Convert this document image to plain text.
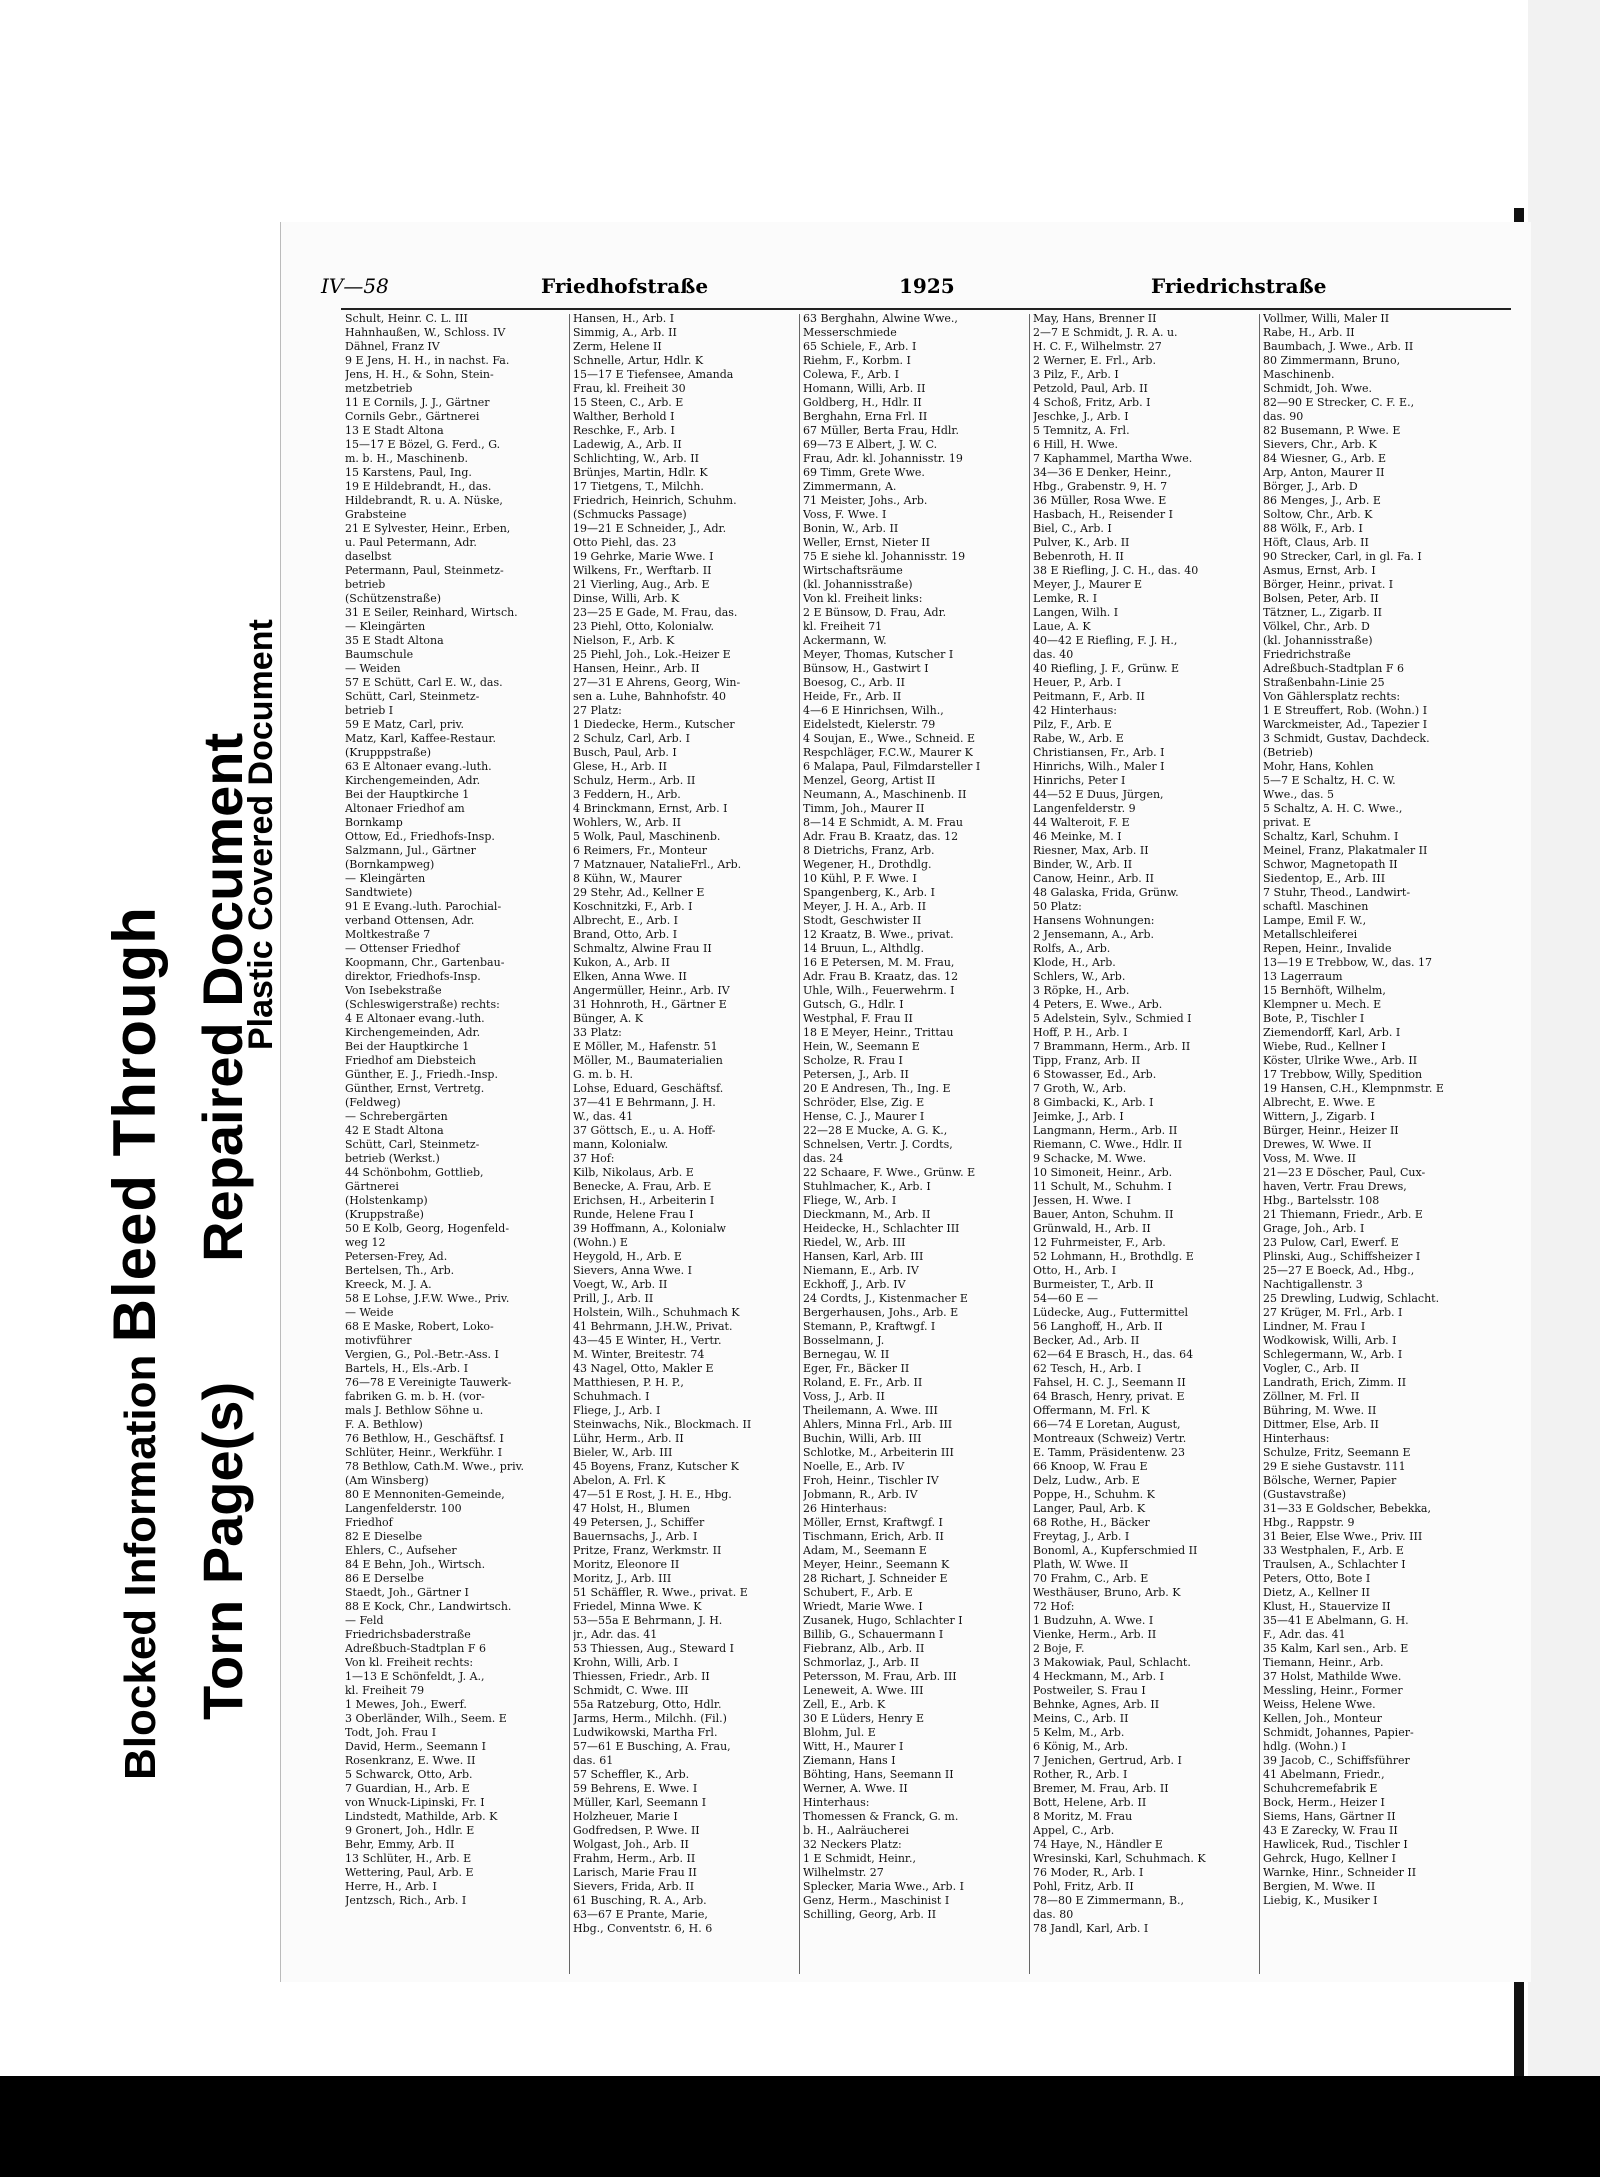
Blocked Information Bleed Through
Torn Page(s)Repaired Document
Plastic Covered Document
IV—58	Friedhofstraße	1925	Friedrichstraße

Schult, Heinr. C. L. III

Hahnhaußen, W., Schloss. IV

Dähnel, Franz IV

9 E Jens, H. H., in nachst. Fa.

Jens, H. H., & Sohn, Stein-

metzbetrieb

11 E Cornils, J. J., Gärtner

Cornils Gebr., Gärtnerei

13 E Stadt Altona

15—17 E Bözel, G. Ferd., G.

m. b. H., Maschinenb.

15 Karstens, Paul, Ing.

19 E Hildebrandt, H., das.

Hildebrandt, R. u. A. Nüske,

Grabsteine

21 E Sylvester, Heinr., Erben,

u. Paul Petermann, Adr.

daselbst

Petermann, Paul, Steinmetz-

betrieb

(Schützenstraße)

31 E Seiler, Reinhard, Wirtsch.

— Kleingärten

35 E Stadt Altona

Baumschule

— Weiden

57 E Schütt, Carl E. W., das.

Schütt, Carl, Steinmetz-

betrieb I

59 E Matz, Carl, priv.

Matz, Karl, Kaffee-Restaur.

(Krupppstraße)

63 E Altonaer evang.-luth.

Kirchengemeinden, Adr.

Bei der Hauptkirche 1

Altonaer Friedhof am

Bornkamp

Ottow, Ed., Friedhofs-Insp.

Salzmann, Jul., Gärtner

(Bornkampweg)

— Kleingärten

Sandtwiete)

91 E Evang.-luth. Parochial-

verband Ottensen, Adr.

Moltkestraße 7

— Ottenser Friedhof

Koopmann, Chr., Gartenbau-

direktor, Friedhofs-Insp.

Von Isebekstraße

(Schleswigerstraße) rechts:

4 E Altonaer evang.-luth.

Kirchengemeinden, Adr.

Bei der Hauptkirche 1

Friedhof am Diebsteich

Günther, E. J., Friedh.-Insp.

Günther, Ernst, Vertretg.

(Feldweg)

— Schrebergärten

42 E Stadt Altona

Schütt, Carl, Steinmetz-

betrieb (Werkst.)

44 Schönbohm, Gottlieb,

Gärtnerei

(Holstenkamp)

(Kruppstraße)

50 E Kolb, Georg, Hogenfeld-

weg 12

Petersen-Frey, Ad.

Bertelsen, Th., Arb.

Kreeck, M. J. A.

58 E Lohse, J.F.W. Wwe., Priv.

— Weide

68 E Maske, Robert, Loko-

motivführer

Vergien, G., Pol.-Betr.-Ass. I

Bartels, H., Els.-Arb. I

76—78 E Vereinigte Tauwerk-

fabriken G. m. b. H. (vor-

mals J. Bethlow Söhne u.

F. A. Bethlow)

76 Bethlow, H., Geschäftsf. I

Schlüter, Heinr., Werkführ. I

78 Bethlow, Cath.M. Wwe., priv.

(Am Winsberg)

80 E Mennoniten-Gemeinde,

Langenfelderstr. 100

Friedhof

82 E Dieselbe

Ehlers, C., Aufseher

84 E Behn, Joh., Wirtsch.

86 E Derselbe

Staedt, Joh., Gärtner I

88 E Kock, Chr., Landwirtsch.

— Feld

Friedrichsbaderstraße

Adreßbuch-Stadtplan F 6

Von kl. Freiheit rechts:

1—13 E Schönfeldt, J. A.,

kl. Freiheit 79

1 Mewes, Joh., Ewerf.

3 Oberländer, Wilh., Seem. E

Todt, Joh. Frau I

David, Herm., Seemann I

Rosenkranz, E. Wwe. II

5 Schwarck, Otto, Arb.

7 Guardian, H., Arb. E

von Wnuck-Lipinski, Fr. I

Lindstedt, Mathilde, Arb. K

9 Gronert, Joh., Hdlr. E

Behr, Emmy, Arb. II

13 Schlüter, H., Arb. E

Wettering, Paul, Arb. E

Herre, H., Arb. I

Jentzsch, Rich., Arb. I

Hansen, H., Arb. I

Simmig, A., Arb. II

Zerm, Helene II

Schnelle, Artur, Hdlr. K

15—17 E Tiefensee, Amanda

Frau, kl. Freiheit 30

15 Steen, C., Arb. E

Walther, Berhold I

Reschke, F., Arb. I

Ladewig, A., Arb. II

Schlichting, W., Arb. II

Brünjes, Martin, Hdlr. K

17 Tietgens, T., Milchh.

Friedrich, Heinrich, Schuhm.

(Schmucks Passage)

19—21 E Schneider, J., Adr.

Otto Piehl, das. 23

19 Gehrke, Marie Wwe. I

Wilkens, Fr., Werftarb. II

21 Vierling, Aug., Arb. E

Dinse, Willi, Arb. K

23—25 E Gade, M. Frau, das.

23 Piehl, Otto, Kolonialw.

Nielson, F., Arb. K

25 Piehl, Joh., Lok.-Heizer E

Hansen, Heinr., Arb. II

27—31 E Ahrens, Georg, Win-

sen a. Luhe, Bahnhofstr. 40

27 Platz:

1 Diedecke, Herm., Kutscher

2 Schulz, Carl, Arb. I

Busch, Paul, Arb. I

Glese, H., Arb. II

Schulz, Herm., Arb. II

3 Feddern, H., Arb.

4 Brinckmann, Ernst, Arb. I

Wohlers, W., Arb. II

5 Wolk, Paul, Maschinenb.

6 Reimers, Fr., Monteur

7 Matznauer, NatalieFrl., Arb.

8 Kühn, W., Maurer

29 Stehr, Ad., Kellner E

Koschnitzki, F., Arb. I

Albrecht, E., Arb. I

Brand, Otto, Arb. I

Schmaltz, Alwine Frau II

Kukon, A., Arb. II

Elken, Anna Wwe. II

Angermüller, Heinr., Arb. IV

31 Hohnroth, H., Gärtner E

Bünger, A. K

33 Platz:

E Möller, M., Hafenstr. 51

Möller, M., Baumaterialien

G. m. b. H.

Lohse, Eduard, Geschäftsf.

37—41 E Behrmann, J. H.

W., das. 41

37 Göttsch, E., u. A. Hoff-

mann, Kolonialw.

37 Hof:

Kilb, Nikolaus, Arb. E

Benecke, A. Frau, Arb. E

Erichsen, H., Arbeiterin I

Runde, Helene Frau I

39 Hoffmann, A., Kolonialw

(Wohn.) E

Heygold, H., Arb. E

Sievers, Anna Wwe. I

Voegt, W., Arb. II

Prill, J., Arb. II

Holstein, Wilh., Schuhmach K

41 Behrmann, J.H.W., Privat.

43—45 E Winter, H., Vertr.

M. Winter, Breitestr. 74

43 Nagel, Otto, Makler E

Matthiesen, P. H. P.,

Schuhmach. I

Fliege, J., Arb. I

Steinwachs, Nik., Blockmach. II

Lühr, Herm., Arb. II

Bieler, W., Arb. III

45 Boyens, Franz, Kutscher K

Abelon, A. Frl. K

47—51 E Rost, J. H. E., Hbg.

47 Holst, H., Blumen

49 Petersen, J., Schiffer

Bauernsachs, J., Arb. I

Pritze, Franz, Werkmstr. II

Moritz, Eleonore II

Moritz, J., Arb. III

51 Schäffler, R. Wwe., privat. E

Friedel, Minna Wwe. K

53—55a E Behrmann, J. H.

jr., Adr. das. 41

53 Thiessen, Aug., Steward I

Krohn, Willi, Arb. I

Thiessen, Friedr., Arb. II

Schmidt, C. Wwe. III

55a Ratzeburg, Otto, Hdlr.

Jarms, Herm., Milchh. (Fil.)

Ludwikowski, Martha Frl.

57—61 E Busching, A. Frau,

das. 61

57 Scheffler, K., Arb.

59 Behrens, E. Wwe. I

Müller, Karl, Seemann I

Holzheuer, Marie I

Godfredsen, P. Wwe. II

Wolgast, Joh., Arb. II

Frahm, Herm., Arb. II

Larisch, Marie Frau II

Sievers, Frida, Arb. II

61 Busching, R. A., Arb.

63—67 E Prante, Marie,

Hbg., Conventstr. 6, H. 6

63 Berghahn, Alwine Wwe.,

Messerschmiede

65 Schiele, F., Arb. I

Riehm, F., Korbm. I

Colewa, F., Arb. I

Homann, Willi, Arb. II

Goldberg, H., Hdlr. II

Berghahn, Erna Frl. II

67 Müller, Berta Frau, Hdlr.

69—73 E Albert, J. W. C.

Frau, Adr. kl. Johannisstr. 19

69 Timm, Grete Wwe.

Zimmermann, A.

71 Meister, Johs., Arb.

Voss, F. Wwe. I

Bonin, W., Arb. II

Weller, Ernst, Nieter II

75 E siehe kl. Johannisstr. 19

Wirtschaftsräume

(kl. Johannisstraße)

Von kl. Freiheit links:

2 E Bünsow, D. Frau, Adr.

kl. Freiheit 71

Ackermann, W.

Meyer, Thomas, Kutscher I

Bünsow, H., Gastwirt I

Boesog, C., Arb. II

Heide, Fr., Arb. II

4—6 E Hinrichsen, Wilh.,

Eidelstedt, Kielerstr. 79

4 Soujan, E., Wwe., Schneid. E

Respchläger, F.C.W., Maurer K

6 Malapa, Paul, Filmdarsteller I

Menzel, Georg, Artist II

Neumann, A., Maschinenb. II

Timm, Joh., Maurer II

8—14 E Schmidt, A. M. Frau

Adr. Frau B. Kraatz, das. 12

8 Dietrichs, Franz, Arb.

Wegener, H., Drothdlg.

10 Kühl, P. F. Wwe. I

Spangenberg, K., Arb. I

Meyer, J. H. A., Arb. II

Stodt, Geschwister II

12 Kraatz, B. Wwe., privat.

14 Bruun, L., Althdlg.

16 E Petersen, M. M. Frau,

Adr. Frau B. Kraatz, das. 12

Uhle, Wilh., Feuerwehrm. I

Gutsch, G., Hdlr. I

Westphal, F. Frau II

18 E Meyer, Heinr., Trittau

Hein, W., Seemann E

Scholze, R. Frau I

Petersen, J., Arb. II

20 E Andresen, Th., Ing. E

Schröder, Else, Zig. E

Hense, C. J., Maurer I

22—28 E Mucke, A. G. K.,

Schnelsen, Vertr. J. Cordts,

das. 24

22 Schaare, F. Wwe., Grünw. E

Stuhlmacher, K., Arb. I

Fliege, W., Arb. I

Dieckmann, M., Arb. II

Heidecke, H., Schlachter III

Riedel, W., Arb. III

Hansen, Karl, Arb. III

Niemann, E., Arb. IV

Eckhoff, J., Arb. IV

24 Cordts, J., Kistenmacher E

Bergerhausen, Johs., Arb. E

Stemann, P., Kraftwgf. I

Bosselmann, J.

Bernegau, W. II

Eger, Fr., Bäcker II

Roland, E. Fr., Arb. II

Voss, J., Arb. II

Theilemann, A. Wwe. III

Ahlers, Minna Frl., Arb. III

Buchin, Willi, Arb. III

Schlotke, M., Arbeiterin III

Noelle, E., Arb. IV

Froh, Heinr., Tischler IV

Jobmann, R., Arb. IV

26 Hinterhaus:

Möller, Ernst, Kraftwgf. I

Tischmann, Erich, Arb. II

Adam, M., Seemann E

Meyer, Heinr., Seemann K

28 Richart, J. Schneider E

Schubert, F., Arb. E

Wriedt, Marie Wwe. I

Zusanek, Hugo, Schlachter I

Billib, G., Schauermann I

Fiebranz, Alb., Arb. II

Schmorlaz, J., Arb. II

Petersson, M. Frau, Arb. III

Leneweit, A. Wwe. III

Zell, E., Arb. K

30 E Lüders, Henry E

Blohm, Jul. E

Witt, H., Maurer I

Ziemann, Hans I

Böhting, Hans, Seemann II

Werner, A. Wwe. II

Hinterhaus:

Thomessen & Franck, G. m.

b. H., Aalräucherei

32 Neckers Platz:

1 E Schmidt, Heinr.,

Wilhelmstr. 27

Splecker, Maria Wwe., Arb. I

Genz, Herm., Maschinist I

Schilling, Georg, Arb. II

May, Hans, Brenner II

2—7 E Schmidt, J. R. A. u.

H. C. F., Wilhelmstr. 27

2 Werner, E. Frl., Arb.

3 Pilz, F., Arb. I

Petzold, Paul, Arb. II

4 Schoß, Fritz, Arb. I

Jeschke, J., Arb. I

5 Temnitz, A. Frl.

6 Hill, H. Wwe.

7 Kaphammel, Martha Wwe.

34—36 E Denker, Heinr.,

Hbg., Grabenstr. 9, H. 7

36 Müller, Rosa Wwe. E

Hasbach, H., Reisender I

Biel, C., Arb. I

Pulver, K., Arb. II

Bebenroth, H. II

38 E Riefling, J. C. H., das. 40

Meyer, J., Maurer E

Lemke, R. I

Langen, Wilh. I

Laue, A. K

40—42 E Riefling, F. J. H.,

das. 40

40 Riefling, J. F., Grünw. E

Heuer, P., Arb. I

Peitmann, F., Arb. II

42 Hinterhaus:

Pilz, F., Arb. E

Rabe, W., Arb. E

Christiansen, Fr., Arb. I

Hinrichs, Wilh., Maler I

Hinrichs, Peter I

44—52 E Duus, Jürgen,

Langenfelderstr. 9

44 Walteroit, F. E

46 Meinke, M. I

Riesner, Max, Arb. II

Binder, W., Arb. II

Canow, Heinr., Arb. II

48 Galaska, Frida, Grünw.

50 Platz:

Hansens Wohnungen:

2 Jensemann, A., Arb.

Rolfs, A., Arb.

Klode, H., Arb.

Schlers, W., Arb.

3 Röpke, H., Arb.

4 Peters, E. Wwe., Arb.

5 Adelstein, Sylv., Schmied I

Hoff, P. H., Arb. I

7 Brammann, Herm., Arb. II

Tipp, Franz, Arb. II

6 Stowasser, Ed., Arb.

7 Groth, W., Arb.

8 Gimbacki, K., Arb. I

Jeimke, J., Arb. I

Langmann, Herm., Arb. II

Riemann, C. Wwe., Hdlr. II

9 Schacke, M. Wwe.

10 Simoneit, Heinr., Arb.

11 Schult, M., Schuhm. I

Jessen, H. Wwe. I

Bauer, Anton, Schuhm. II

Grünwald, H., Arb. II

12 Fuhrmeister, F., Arb.

52 Lohmann, H., Brothdlg. E

Otto, H., Arb. I

Burmeister, T., Arb. II

54—60 E —

Lüdecke, Aug., Futtermittel

56 Langhoff, H., Arb. II

Becker, Ad., Arb. II

62—64 E Brasch, H., das. 64

62 Tesch, H., Arb. I

Fahsel, H. C. J., Seemann II

64 Brasch, Henry, privat. E

Offermann, M. Frl. K

66—74 E Loretan, August,

Montreaux (Schweiz) Vertr.

E. Tamm, Präsidentenw. 23

66 Knoop, W. Frau E

Delz, Ludw., Arb. E

Poppe, H., Schuhm. K

Langer, Paul, Arb. K

68 Rothe, H., Bäcker

Freytag, J., Arb. I

Bonoml, A., Kupferschmied II

Plath, W. Wwe. II

70 Frahm, C., Arb. E

Westhäuser, Bruno, Arb. K

72 Hof:

1 Budzuhn, A. Wwe. I

Vienke, Herm., Arb. II

2 Boje, F.

3 Makowiak, Paul, Schlacht.

4 Heckmann, M., Arb. I

Postweiler, S. Frau I

Behnke, Agnes, Arb. II

Meins, C., Arb. II

5 Kelm, M., Arb.

6 König, M., Arb.

7 Jenichen, Gertrud, Arb. I

Rother, R., Arb. I

Bremer, M. Frau, Arb. II

Bott, Helene, Arb. II

8 Moritz, M. Frau

Appel, C., Arb.

74 Haye, N., Händler E

Wresinski, Karl, Schuhmach. K

76 Moder, R., Arb. I

Pohl, Fritz, Arb. II

78—80 E Zimmermann, B.,

das. 80

78 Jandl, Karl, Arb. I

Vollmer, Willi, Maler II

Rabe, H., Arb. II

Baumbach, J. Wwe., Arb. II

80 Zimmermann, Bruno,

Maschinenb.

Schmidt, Joh. Wwe.

82—90 E Strecker, C. F. E.,

das. 90

82 Busemann, P. Wwe. E

Sievers, Chr., Arb. K

84 Wiesner, G., Arb. E

Arp, Anton, Maurer II

Börger, J., Arb. D

86 Menges, J., Arb. E

Soltow, Chr., Arb. K

88 Wölk, F., Arb. I

Höft, Claus, Arb. II

90 Strecker, Carl, in gl. Fa. I

Asmus, Ernst, Arb. I

Börger, Heinr., privat. I

Bolsen, Peter, Arb. II

Tätzner, L., Zigarb. II

Völkel, Chr., Arb. D

(kl. Johannisstraße)

Friedrichstraße

Adreßbuch-Stadtplan F 6

Straßenbahn-Linie 25

Von Gählersplatz rechts:

1 E Streuffert, Rob. (Wohn.) I

Warckmeister, Ad., Tapezier I

3 Schmidt, Gustav, Dachdeck.

(Betrieb)

Mohr, Hans, Kohlen

5—7 E Schaltz, H. C. W.

Wwe., das. 5

5 Schaltz, A. H. C. Wwe.,

privat. E

Schaltz, Karl, Schuhm. I

Meinel, Franz, Plakatmaler II

Schwor, Magnetopath II

Siedentop, E., Arb. III

7 Stuhr, Theod., Landwirt-

schaftl. Maschinen

Lampe, Emil F. W.,

Metallschleiferei

Repen, Heinr., Invalide

13—19 E Trebbow, W., das. 17

13 Lagerraum

15 Bernhöft, Wilhelm,

Klempner u. Mech. E

Bote, P., Tischler I

Ziemendorff, Karl, Arb. I

Wiebe, Rud., Kellner I

Köster, Ulrike Wwe., Arb. II

17 Trebbow, Willy, Spedition

19 Hansen, C.H., Klempnmstr. E

Albrecht, E. Wwe. E

Wittern, J., Zigarb. I

Bürger, Heinr., Heizer II

Drewes, W. Wwe. II

Voss, M. Wwe. II

21—23 E Döscher, Paul, Cux-

haven, Vertr. Frau Drews,

Hbg., Bartelsstr. 108

21 Thiemann, Friedr., Arb. E

Grage, Joh., Arb. I

23 Pulow, Carl, Ewerf. E

Plinski, Aug., Schiffsheizer I

25—27 E Boeck, Ad., Hbg.,

Nachtigallenstr. 3

25 Drewling, Ludwig, Schlacht.

27 Krüger, M. Frl., Arb. I

Lindner, M. Frau I

Wodkowisk, Willi, Arb. I

Schlegermann, W., Arb. I

Vogler, C., Arb. II

Landrath, Erich, Zimm. II

Zöllner, M. Frl. II

Bühring, M. Wwe. II

Dittmer, Else, Arb. II

Hinterhaus:

Schulze, Fritz, Seemann E

29 E siehe Gustavstr. 111

Bölsche, Werner, Papier

(Gustavstraße)

31—33 E Goldscher, Bebekka,

Hbg., Rappstr. 9

31 Beier, Else Wwe., Priv. III

33 Westphalen, F., Arb. E

Traulsen, A., Schlachter I

Peters, Otto, Bote I

Dietz, A., Kellner II

Klust, H., Stauervize II

35—41 E Abelmann, G. H.

F., Adr. das. 41

35 Kalm, Karl sen., Arb. E

Tiemann, Heinr., Arb.

37 Holst, Mathilde Wwe.

Messling, Heinr., Former

Weiss, Helene Wwe.

Kellen, Joh., Monteur

Schmidt, Johannes, Papier-

hdlg. (Wohn.) I

39 Jacob, C., Schiffsführer

41 Abelmann, Friedr.,

Schuhcremefabrik E

Bock, Herm., Heizer I

Siems, Hans, Gärtner II

43 E Zarecky, W. Frau II

Hawlicek, Rud., Tischler I

Gehrck, Hugo, Kellner I

Warnke, Hinr., Schneider II

Bergien, M. Wwe. II

Liebig, K., Musiker I
